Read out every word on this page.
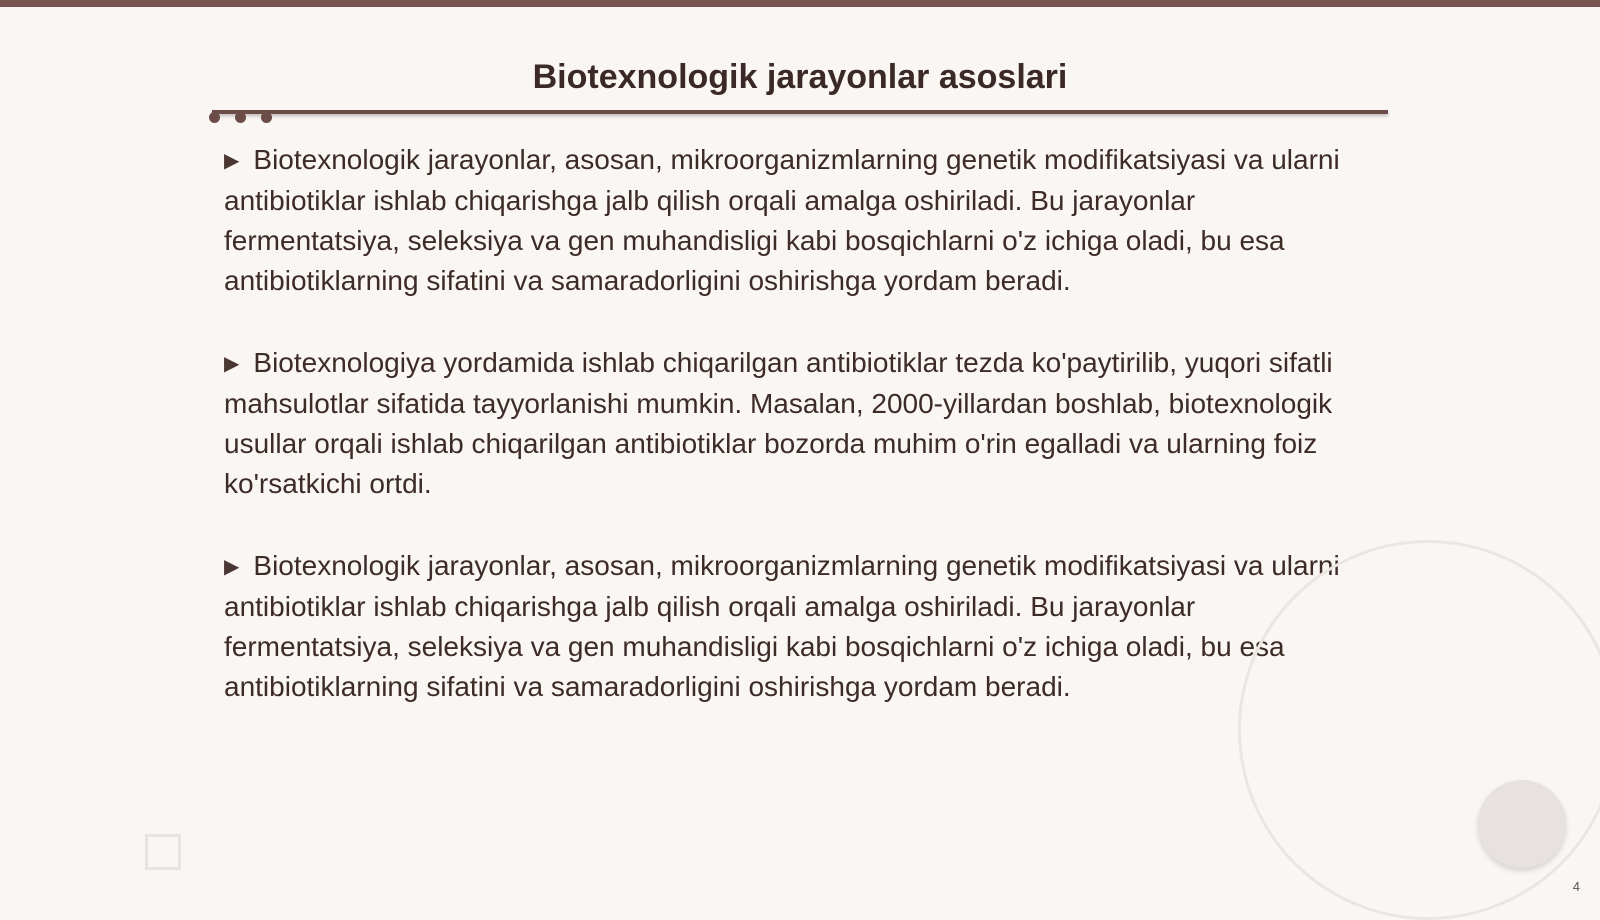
Biotexnologik jarayonlar asoslari

▶ Biotexnologik jarayonlar, asosan, mikroorganizmlarning genetik modifikatsiyasi va ularni antibiotiklar ishlab chiqarishga jalb qilish orqali amalga oshiriladi. Bu jarayonlar fermentatsiya, seleksiya va gen muhandisligi kabi bosqichlarni o'z ichiga oladi, bu esa antibiotiklarning sifatini va samaradorligini oshirishga yordam beradi.

▶ Biotexnologiya yordamida ishlab chiqarilgan antibiotiklar tezda ko'paytirilib, yuqori sifatli mahsulotlar sifatida tayyorlanishi mumkin. Masalan, 2000-yillardan boshlab, biotexnologik usullar orqali ishlab chiqarilgan antibiotiklar bozorda muhim o'rin egalladi va ularning foiz ko'rsatkichi ortdi.

▶ Biotexnologik jarayonlar, asosan, mikroorganizmlarning genetik modifikatsiyasi va ularni antibiotiklar ishlab chiqarishga jalb qilish orqali amalga oshiriladi. Bu jarayonlar fermentatsiya, seleksiya va gen muhandisligi kabi bosqichlarni o'z ichiga oladi, bu esa antibiotiklarning sifatini va samaradorligini oshirishga yordam beradi.

4
